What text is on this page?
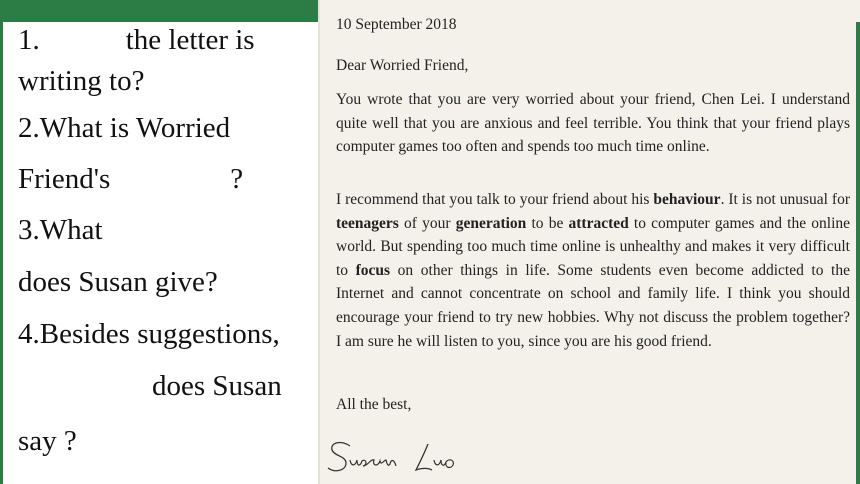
1.	the letter is
writing to?
2.What is Worried
Friend's	?
3.What
does Susan give?
4.Besides suggestions,
does Susan
say ?
10 September 2018
Dear Worried Friend,
You wrote that you are very worried about your friend, Chen Lei. I understand quite well that you are anxious and feel terrible. You think that your friend plays computer games too often and spends too much time online.
I recommend that you talk to your friend about his behaviour. It is not unusual for teenagers of your generation to be attracted to computer games and the online world. But spending too much time online is unhealthy and makes it very difficult to focus on other things in life. Some students even become addicted to the Internet and cannot concentrate on school and family life. I think you should encourage your friend to try new hobbies. Why not discuss the problem together? I am sure he will listen to you, since you are his good friend.
All the best,
